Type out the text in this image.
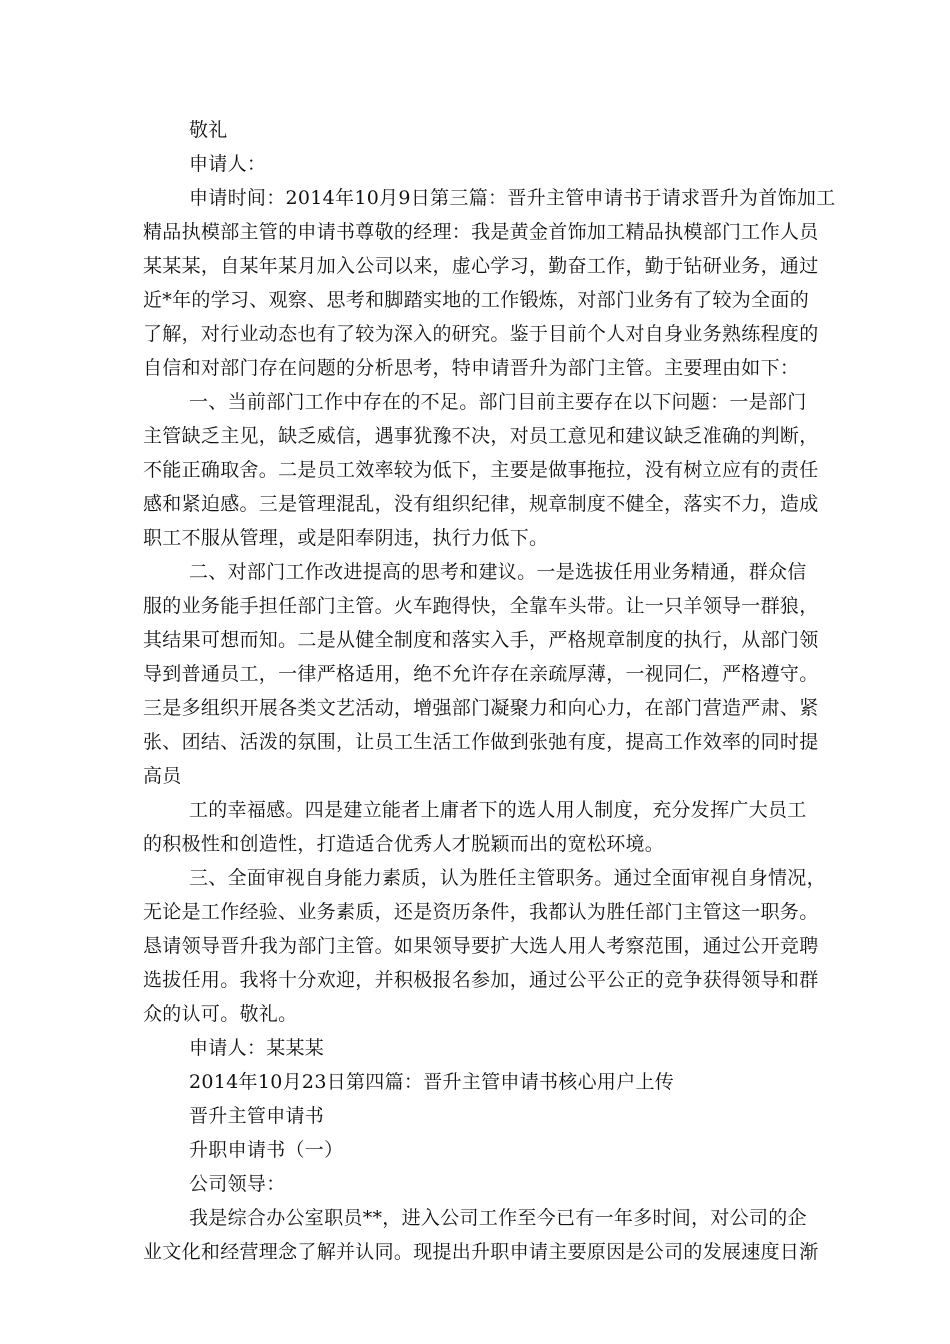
敬礼
申请人：
申请时间：2014年10月9日第三篇：晋升主管申请书于请求晋升为首饰加工
精品执模部主管的申请书尊敬的经理：我是黄金首饰加工精品执模部门工作人员
某某某，自某年某月加入公司以来，虚心学习，勤奋工作，勤于钻研业务，通过
近*年的学习、观察、思考和脚踏实地的工作锻炼，对部门业务有了较为全面的
了解，对行业动态也有了较为深入的研究。鉴于目前个人对自身业务熟练程度的
自信和对部门存在问题的分析思考，特申请晋升为部门主管。主要理由如下：
一、当前部门工作中存在的不足。部门目前主要存在以下问题：一是部门
主管缺乏主见，缺乏威信，遇事犹豫不决，对员工意见和建议缺乏准确的判断，
不能正确取舍。二是员工效率较为低下，主要是做事拖拉，没有树立应有的责任
感和紧迫感。三是管理混乱，没有组织纪律，规章制度不健全，落实不力，造成
职工不服从管理，或是阳奉阴违，执行力低下。
二、对部门工作改进提高的思考和建议。一是选拔任用业务精通，群众信
服的业务能手担任部门主管。火车跑得快，全靠车头带。让一只羊领导一群狼，
其结果可想而知。二是从健全制度和落实入手，严格规章制度的执行，从部门领
导到普通员工，一律严格适用，绝不允许存在亲疏厚薄，一视同仁，严格遵守。
三是多组织开展各类文艺活动，增强部门凝聚力和向心力，在部门营造严肃、紧
张、团结、活泼的氛围，让员工生活工作做到张弛有度，提高工作效率的同时提
高员
工的幸福感。四是建立能者上庸者下的选人用人制度，充分发挥广大员工
的积极性和创造性，打造适合优秀人才脱颖而出的宽松环境。
三、全面审视自身能力素质，认为胜任主管职务。通过全面审视自身情况，
无论是工作经验、业务素质，还是资历条件，我都认为胜任部门主管这一职务。
恳请领导晋升我为部门主管。如果领导要扩大选人用人考察范围，通过公开竞聘
选拔任用。我将十分欢迎，并积极报名参加，通过公平公正的竞争获得领导和群
众的认可。敬礼。
申请人：某某某
2014年10月23日第四篇：晋升主管申请书核心用户上传
晋升主管申请书
升职申请书（一）
公司领导：
我是综合办公室职员**，进入公司工作至今已有一年多时间，对公司的企
业文化和经营理念了解并认同。现提出升职申请主要原因是公司的发展速度日渐
